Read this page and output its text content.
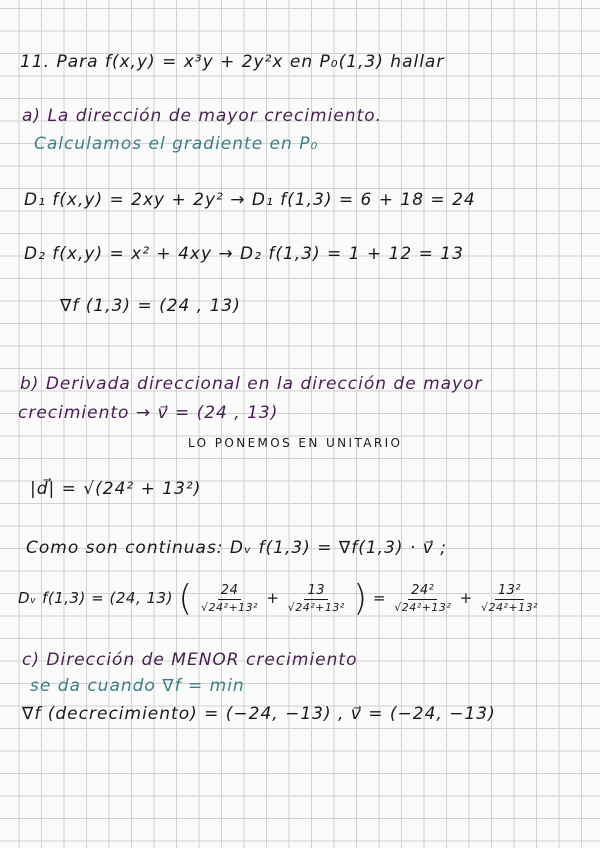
11. Para f(x,y) = x³y + 2y²x en P₀(1,3) hallar
a) La dirección de mayor crecimiento.
Calculamos el gradiente en P₀
D₁ f(x,y) = 2xy + 2y² → D₁ f(1,3) = 6 + 18 = 24
D₂ f(x,y) = x² + 4xy → D₂ f(1,3) = 1 + 12 = 13
∇f (1,3) = (24 , 13)
b) Derivada direccional en la dirección de mayor
crecimiento → v⃗ = (24 , 13)
LO PONEMOS EN UNITARIO
|d⃗| = √(24² + 13²)
Como son continuas: Dᵥ f(1,3) = ∇f(1,3) · v⃗ ;
Dᵥ f(1,3) = (24, 13) ( $\frac{24}{\text{√24²+13²}} + \frac{13}{\text{√24²+13²}}$ ) = $\frac{\text{24²}}{\text{√24²+13²}} + \frac{\text{13²}}{\text{√24²+13²}}$
c) Dirección de MENOR crecimiento
se da cuando ∇f = min
∇f (decrecimiento) = (−24, −13) , v⃗ = (−24, −13)
